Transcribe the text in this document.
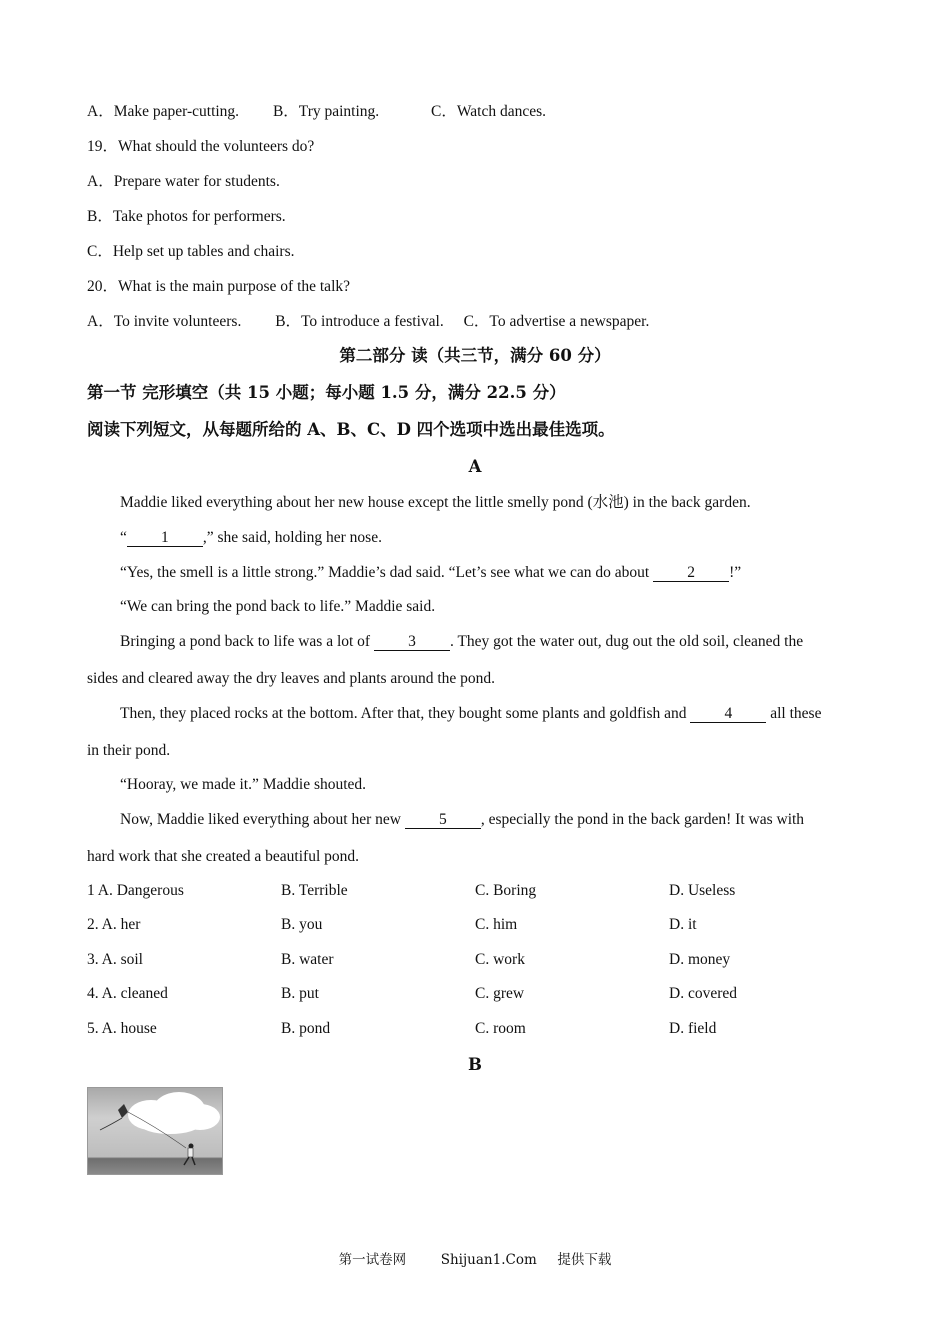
A．Make paper-cutting. B．Try painting.	C．Watch dances.
19．What should the volunteers do?
A．Prepare water for students.
B．Take photos for performers.
C．Help set up tables and chairs.
20．What is the main purpose of the talk?
A．To invite volunteers. B．To introduce a festival. C．To advertise a newspaper.
第二部分 读（共三节，满分 60 分）
第一节 完形填空（共 15 小题；每小题 1.5 分，满分 22.5 分）
阅读下列短文，从每题所给的 A、B、C、D 四个选项中选出最佳选项。
A
Maddie liked everything about her new house except the little smelly pond (水池) in the back garden.
“ 1 ,” she said, holding her nose.
“Yes, the smell is a little strong.” Maddie’s dad said. “Let’s see what we can do about 2 !”
“We can bring the pond back to life.” Maddie said.
Bringing a pond back to life was a lot of 3 . They got the water out, dug out the old soil, cleaned the
sides and cleared away the dry leaves and plants around the pond.
Then, they placed rocks at the bottom. After that, they bought some plants and goldfish and 4 all these
in their pond.
“Hooray, we made it.” Maddie shouted.
Now, Maddie liked everything about her new 5 , especially the pond in the back garden! It was with
hard work that she created a beautiful pond.
1 A. Dangerous	B. Terrible	C. Boring	D. Useless
2. A. her	B. you	C. him	D. it
3. A. soil	B. water	C. work	D. money
4. A. cleaned	B. put	C. grew	D. covered
5. A. house	B. pond	C. room	D. field
B
第一试卷网	Shijuan1.Com 提供下载
